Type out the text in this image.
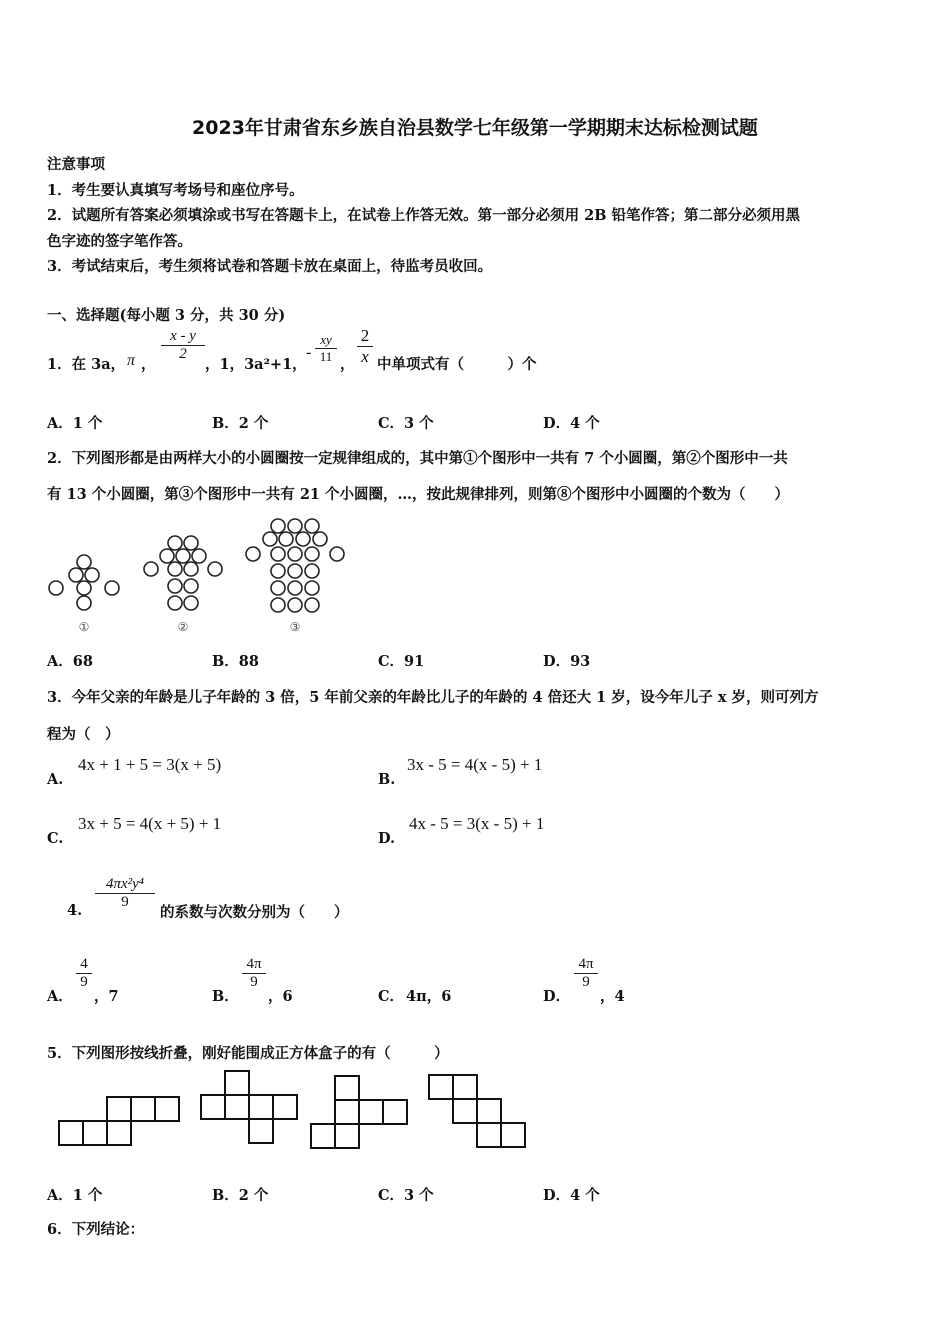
2023年甘肃省东乡族自治县数学七年级第一学期期末达标检测试题
注意事项
1．考生要认真填写考场号和座位序号。
2．试题所有答案必须填涂或书写在答题卡上，在试卷上作答无效。第一部分必须用 2B 铅笔作答；第二部分必须用黑
色字迹的签字笔作答。
3．考试结束后，考生须将试卷和答题卡放在桌面上，待监考员收回。
一、选择题(每小题 3 分，共 30 分)
1．在 3a， π ，
$\frac{x - y}{2}$
，1，3a²+1，
- $\frac{xy}{11}$ ， $\frac{2}{x}$ 中单项式有（　　　）个
A．1 个	B．2 个	C．3 个	D．4 个
2．下列图形都是由两样大小的小圆圈按一定规律组成的，其中第①个图形中一共有 7 个小圆圈，第②个图形中一共
有 13 个小圆圈，第③个图形中一共有 21 个小圆圈，…，按此规律排列，则第⑧个图形中小圆圈的个数为（　　）
①	②	③
A．68	B．88	C．91	D．93
3．今年父亲的年龄是儿子年龄的 3 倍，5 年前父亲的年龄比儿子的年龄的 4 倍还大 1 岁，设今年儿子 x 岁，则可列方
程为（　）
A.
4x + 1 + 5 = 3(x + 5)
B.
3x - 5 = 4(x - 5) + 1
C.
3x + 5 = 4(x + 5) + 1
D.
4x - 5 = 3(x - 5) + 1
4. $\frac{\text{4πx²y⁴}}{9}$
的系数与次数分别为（　　）
A．
$\frac{4}{9}$
，7	B．
$\frac{4\pi}{9}$
，6	C． 4π，6	D．
$\frac{4\pi}{9}$
，4
5．下列图形按线折叠，刚好能围成正方体盒子的有（　　　）
A．1 个	B．2 个	C．3 个	D．4 个
6．下列结论：
